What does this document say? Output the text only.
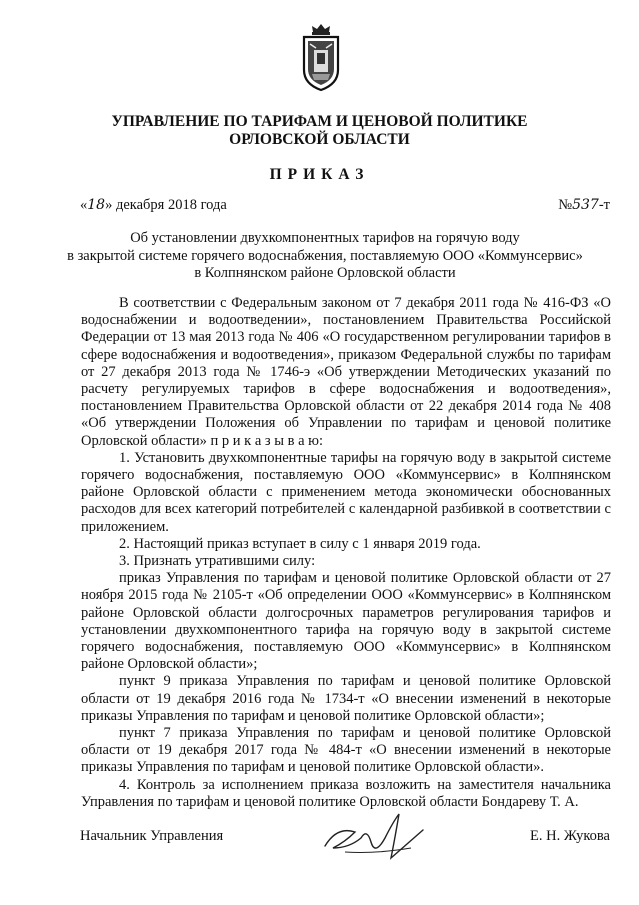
УПРАВЛЕНИЕ ПО ТАРИФАМ И ЦЕНОВОЙ ПОЛИТИКЕ
ОРЛОВСКОЙ ОБЛАСТИ
ПРИКАЗ
«18» декабря 2018 года	№537-т
Об установлении двухкомпонентных тарифов на горячую воду
в закрытой системе горячего водоснабжения, поставляемую ООО «Коммунсервис»
в Колпнянском районе Орловской области

В соответствии с Федеральным законом от 7 декабря 2011 года № 416-ФЗ «О водоснабжении и водоотведении», постановлением Правительства Российской Федерации от 13 мая 2013 года № 406 «О государственном регулировании тарифов в сфере водоснабжения и водоотведения», приказом Федеральной службы по тарифам от 27 декабря 2013 года № 1746-э «Об утверждении Методических указаний по расчету регулируемых тарифов в сфере водоснабжения и водоотведения», постановлением Правительства Орловской области от 22 декабря 2014 года № 408 «Об утверждении Положения об Управлении по тарифам и ценовой политике Орловской области» п р и к а з ы в а ю:

1. Установить двухкомпонентные тарифы на горячую воду в закрытой системе горячего водоснабжения, поставляемую ООО «Коммунсервис» в Колпнянском районе Орловской области с применением метода экономически обоснованных расходов для всех категорий потребителей с календарной разбивкой в соответствии с приложением.

2. Настоящий приказ вступает в силу с 1 января 2019 года.

3. Признать утратившими силу:

приказ Управления по тарифам и ценовой политике Орловской области от 27 ноября 2015 года № 2105-т «Об определении ООО «Коммунсервис» в Колпнянском районе Орловской области долгосрочных параметров регулирования тарифов и установлении двухкомпонентного тарифа на горячую воду в закрытой системе горячего водоснабжения, поставляемую ООО «Коммунсервис» в Колпнянском районе Орловской области»;

пункт 9 приказа Управления по тарифам и ценовой политике Орловской области от 19 декабря 2016 года № 1734-т «О внесении изменений в некоторые приказы Управления по тарифам и ценовой политике Орловской области»;

пункт 7 приказа Управления по тарифам и ценовой политике Орловской области от 19 декабря 2017 года № 484-т «О внесении изменений в некоторые приказы Управления по тарифам и ценовой политике Орловской области».

4. Контроль за исполнением приказа возложить на заместителя начальника Управления по тарифам и ценовой политике Орловской области Бондареву Т. А.

Начальник Управления	Е. Н. Жукова
